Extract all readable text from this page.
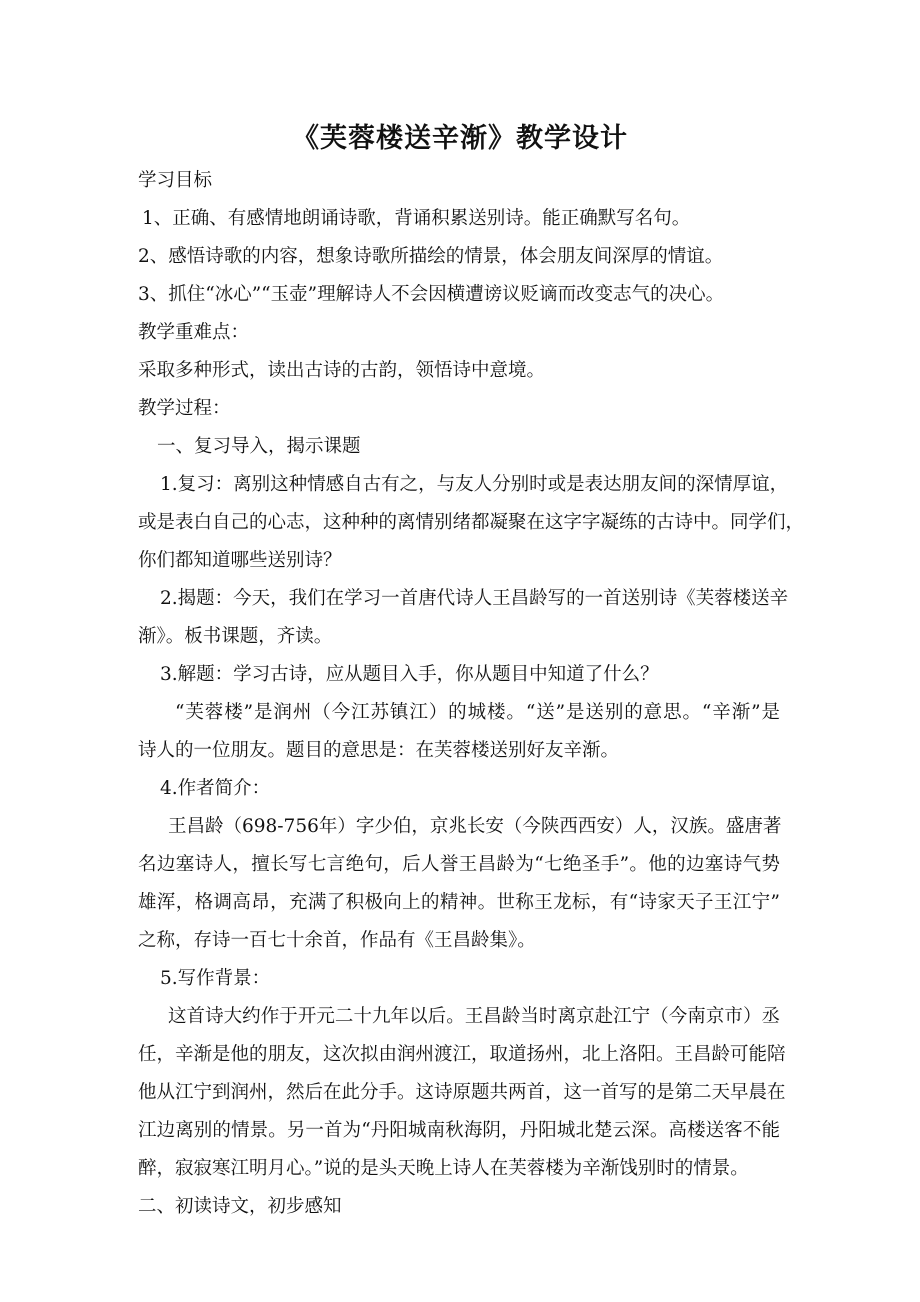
《芙蓉楼送辛渐》教学设计
学习目标
1、正确、有感情地朗诵诗歌，背诵积累送别诗。能正确默写名句。
2、感悟诗歌的内容，想象诗歌所描绘的情景，体会朋友间深厚的情谊。
3、抓住“冰心”“玉壶”理解诗人不会因横遭谤议贬谪而改变志气的决心。
教学重难点：
采取多种形式，读出古诗的古韵，领悟诗中意境。
教学过程：
一、复习导入，揭示课题
1.复习：离别这种情感自古有之，与友人分别时或是表达朋友间的深情厚谊，
或是表白自己的心志，这种种的离情别绪都凝聚在这字字凝练的古诗中。同学们，
你们都知道哪些送别诗？
2.揭题：今天，我们在学习一首唐代诗人王昌龄写的一首送别诗《芙蓉楼送辛
渐》。板书课题，齐读。
3.解题：学习古诗，应从题目入手，你从题目中知道了什么？
“芙蓉楼”是润州（今江苏镇江）的城楼。“送”是送别的意思。“辛渐”是
诗人的一位朋友。题目的意思是：在芙蓉楼送别好友辛渐。
4.作者简介：
王昌龄（698-756年）字少伯，京兆长安（今陕西西安）人，汉族。盛唐著
名边塞诗人，擅长写七言绝句，后人誉王昌龄为“七绝圣手”。他的边塞诗气势
雄浑，格调高昂，充满了积极向上的精神。世称王龙标，有“诗家天子王江宁”
之称，存诗一百七十余首，作品有《王昌龄集》。
5.写作背景：
这首诗大约作于开元二十九年以后。王昌龄当时离京赴江宁（今南京市）丞
任，辛渐是他的朋友，这次拟由润州渡江，取道扬州，北上洛阳。王昌龄可能陪
他从江宁到润州，然后在此分手。这诗原题共两首，这一首写的是第二天早晨在
江边离别的情景。另一首为“丹阳城南秋海阴，丹阳城北楚云深。高楼送客不能
醉，寂寂寒江明月心。”说的是头天晚上诗人在芙蓉楼为辛渐饯别时的情景。
二、初读诗文，初步感知
